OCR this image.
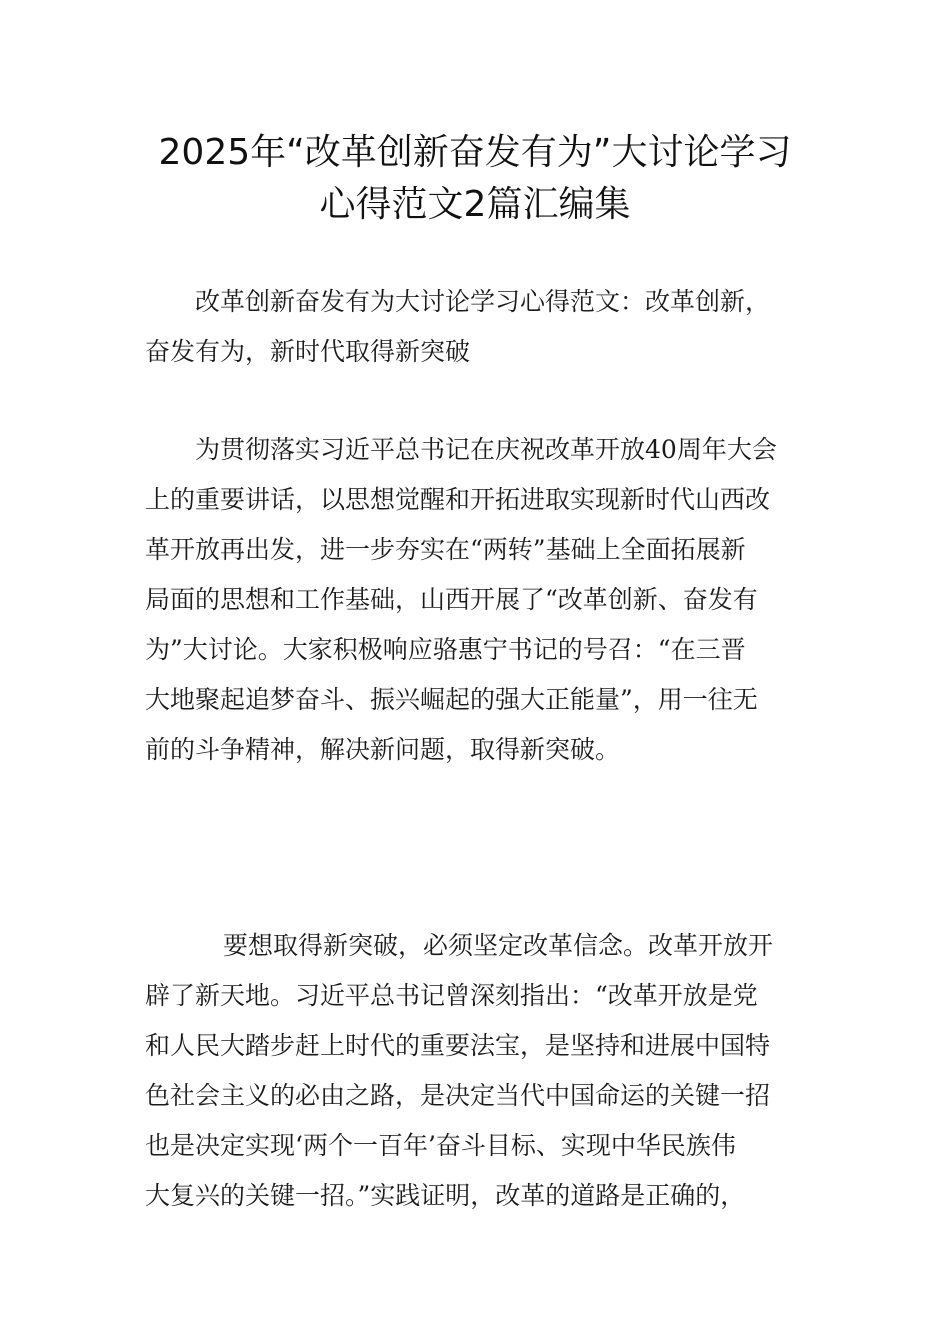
2025年“改革创新奋发有为”大讨论学习
心得范文2篇汇编集

改革创新奋发有为大讨论学习心得范文：改革创新，
奋发有为，新时代取得新突破

为贯彻落实习近平总书记在庆祝改革开放40周年大会
上的重要讲话，以思想觉醒和开拓进取实现新时代山西改
革开放再出发，进一步夯实在“两转”基础上全面拓展新
局面的思想和工作基础，山西开展了“改革创新、奋发有
为”大讨论。大家积极响应骆惠宁书记的号召：“在三晋
大地聚起追梦奋斗、振兴崛起的强大正能量”，用一往无
前的斗争精神，解决新问题，取得新突破。

要想取得新突破，必须坚定改革信念。改革开放开
辟了新天地。习近平总书记曾深刻指出：“改革开放是党
和人民大踏步赶上时代的重要法宝，是坚持和进展中国特
色社会主义的必由之路，是决定当代中国命运的关键一招
也是决定实现‘两个一百年’奋斗目标、实现中华民族伟
大复兴的关键一招。”实践证明，改革的道路是正确的，
